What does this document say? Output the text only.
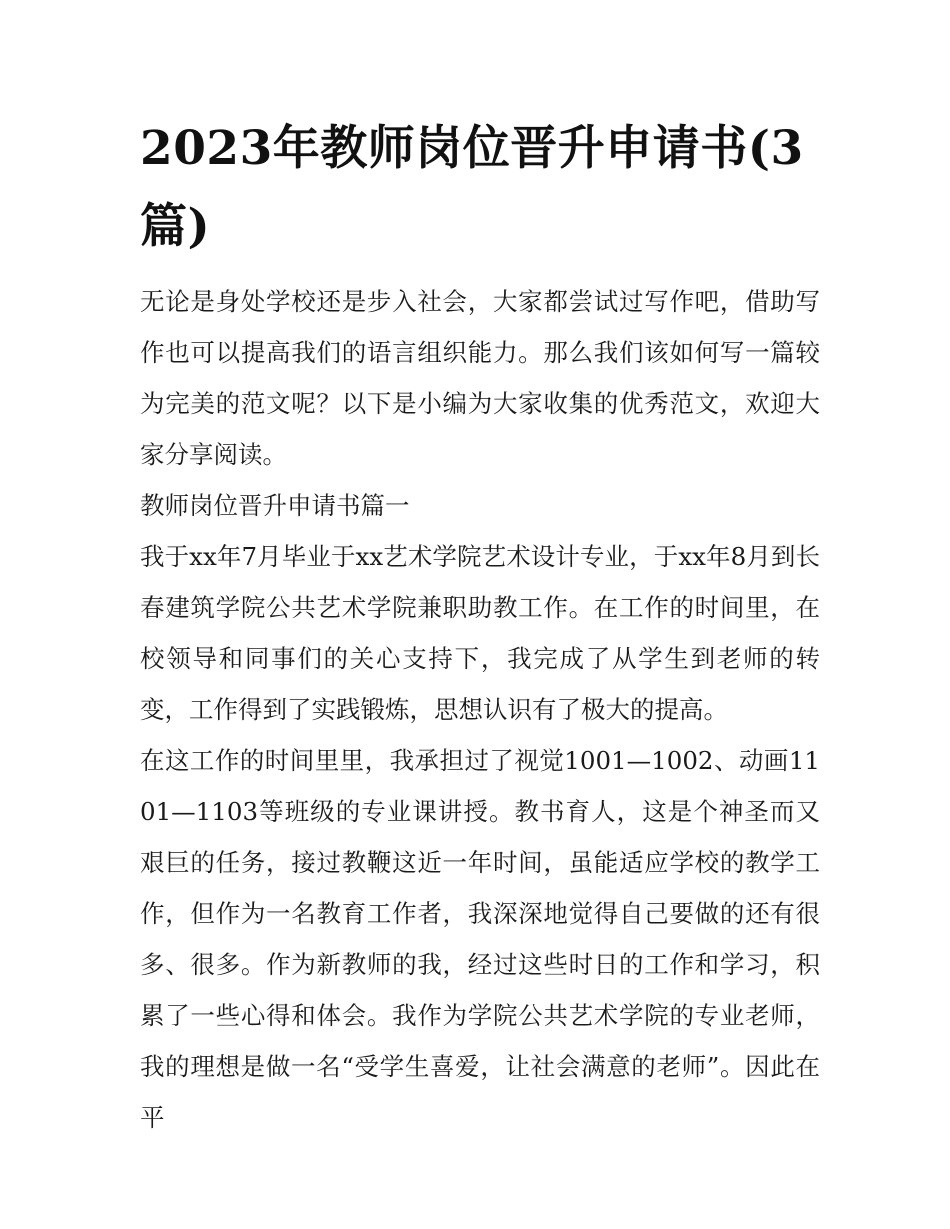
2023年教师岗位晋升申请书(3篇)

无论是身处学校还是步入社会，大家都尝试过写作吧，借助写作也可以提高我们的语言组织能力。那么我们该如何写一篇较为完美的范文呢？以下是小编为大家收集的优秀范文，欢迎大家分享阅读。

教师岗位晋升申请书篇一

我于xx年7月毕业于xx艺术学院艺术设计专业，于xx年8月到长春建筑学院公共艺术学院兼职助教工作。在工作的时间里，在校领导和同事们的关心支持下，我完成了从学生到老师的转变，工作得到了实践锻炼，思想认识有了极大的提高。

在这工作的时间里里，我承担过了视觉1001—1002、动画1101—1103等班级的专业课讲授。教书育人，这是个神圣而又艰巨的任务，接过教鞭这近一年时间，虽能适应学校的教学工作，但作为一名教育工作者，我深深地觉得自己要做的还有很多、很多。作为新教师的我，经过这些时日的工作和学习，积累了一些心得和体会。我作为学院公共艺术学院的专业老师，我的理想是做一名“受学生喜爱，让社会满意的老师”。因此在平
